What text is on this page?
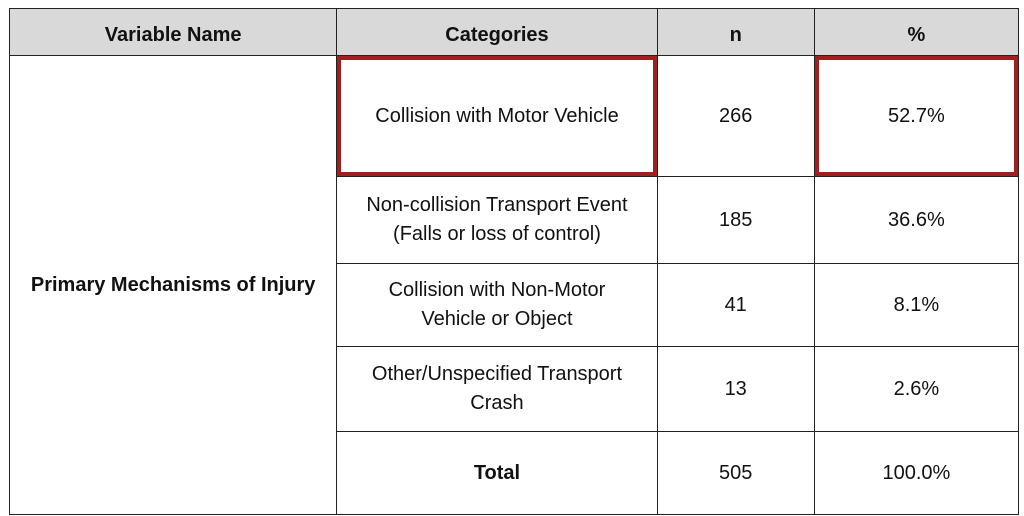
Variable Name	Categories	n	%
Primary Mechanisms of Injury	Collision with Motor Vehicle	266	52.7%
	Non-collision Transport Event (Falls or loss of control)	185	36.6%
	Collision with Non-Motor Vehicle or Object	41	8.1%
	Other/Unspecified Transport Crash	13	2.6%
	Total	505	100.0%
